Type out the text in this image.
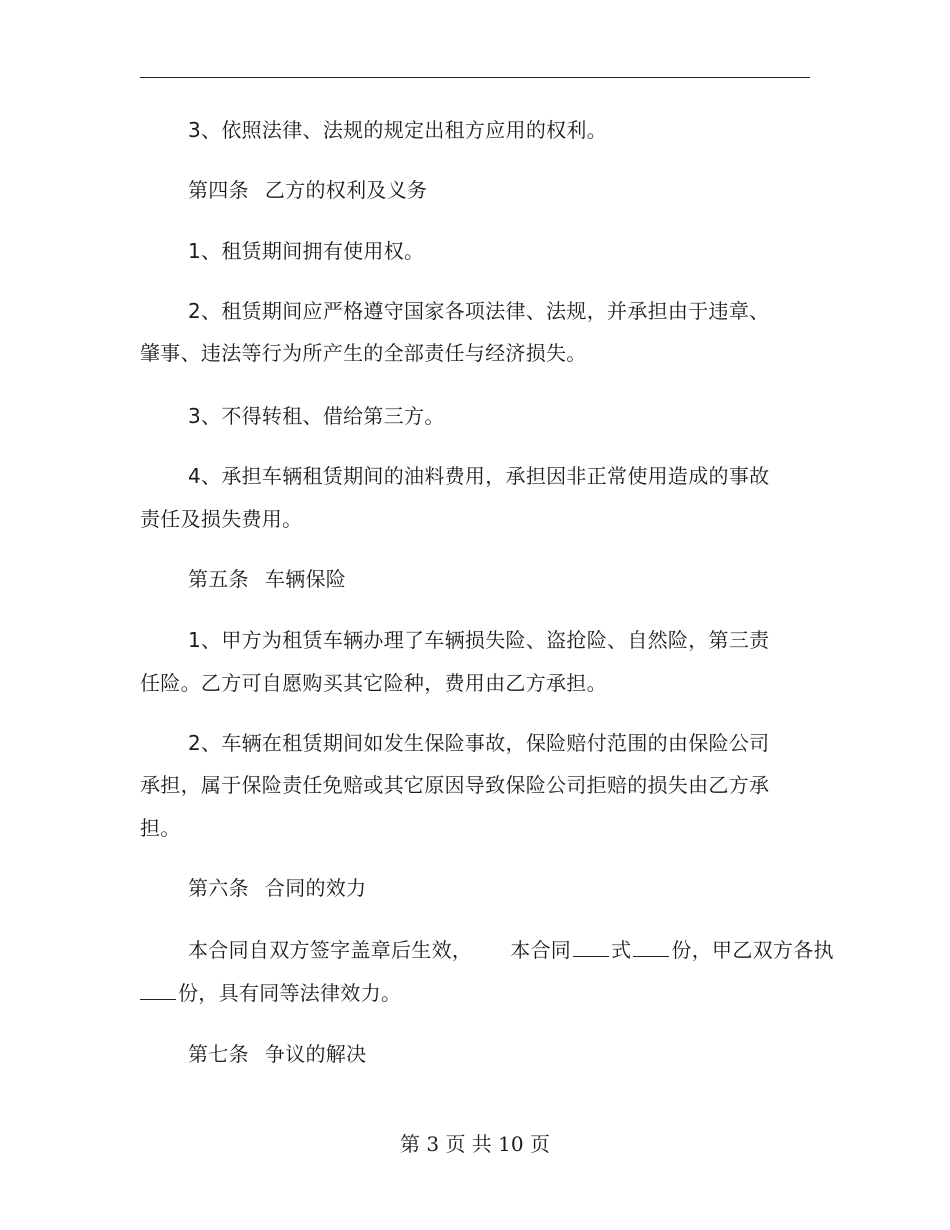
3、依照法律、法规的规定出租方应用的权利。
第四条 乙方的权利及义务
1、租赁期间拥有使用权。
2、租赁期间应严格遵守国家各项法律、法规，并承担由于违章、
肇事、违法等行为所产生的全部责任与经济损失。
3、不得转租、借给第三方。
4、承担车辆租赁期间的油料费用，承担因非正常使用造成的事故
责任及损失费用。
第五条 车辆保险
1、甲方为租赁车辆办理了车辆损失险、盗抢险、自然险，第三责
任险。乙方可自愿购买其它险种，费用由乙方承担。
2、车辆在租赁期间如发生保险事故，保险赔付范围的由保险公司
承担，属于保险责任免赔或其它原因导致保险公司拒赔的损失由乙方承
担。
第六条 合同的效力
本合同自双方签字盖章后生效， 本合同 式 份，甲乙双方各执
份，具有同等法律效力。
第七条 争议的解决
第 3 页 共 10 页
